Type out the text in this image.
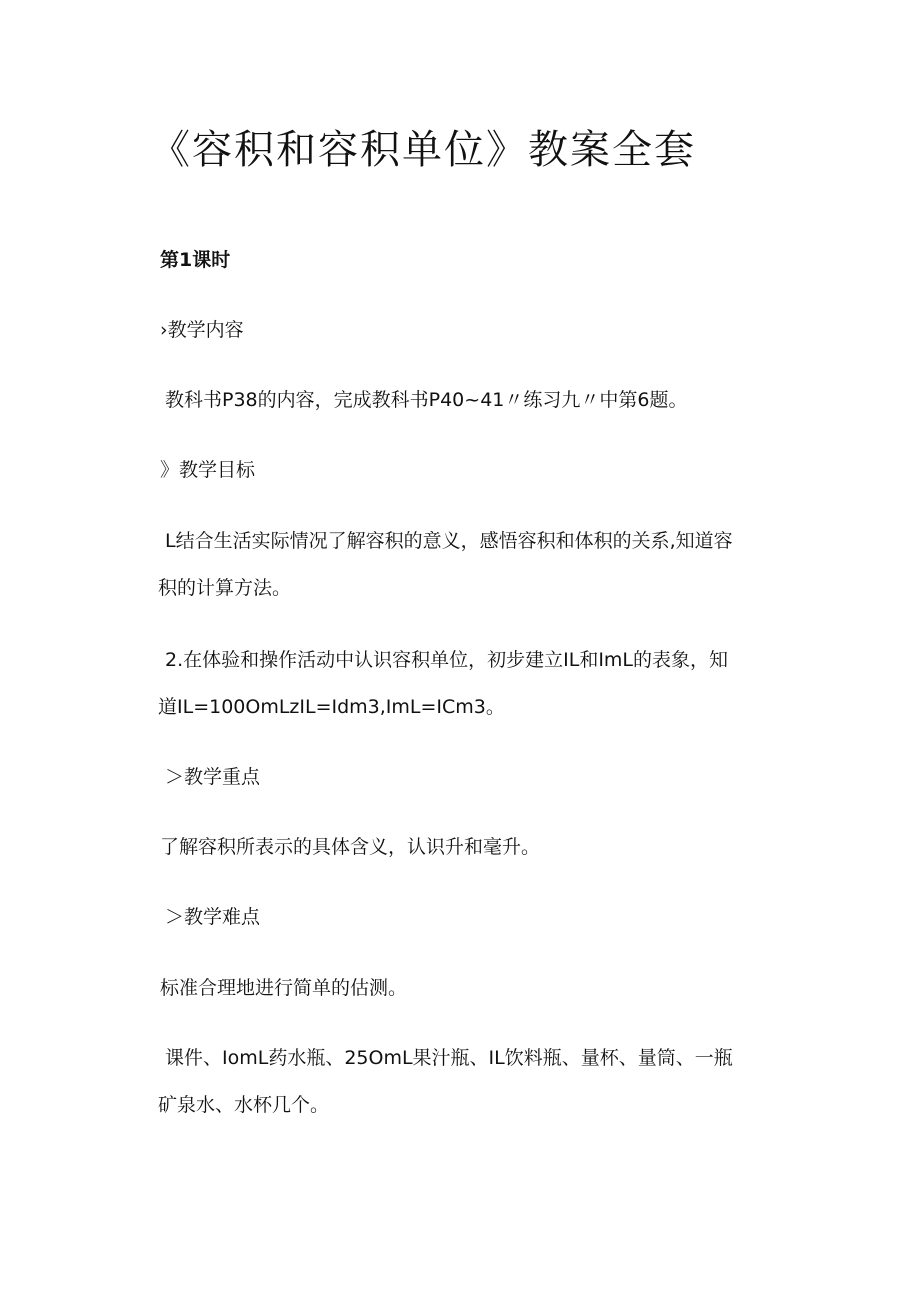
《容积和容积单位》教案全套
第1课时
›教学内容
教科书P38的内容，完成教科书P40~41〃练习九〃中第6题。
》教学目标
L结合生活实际情况了解容积的意义，感悟容积和体积的关系,知道容
积的计算方法。
2.在体验和操作活动中认识容积单位，初步建立IL和ImL的表象，知
道IL=100OmLzIL=Idm3,ImL=ICm3。
＞教学重点
了解容积所表示的具体含义，认识升和毫升。
＞教学难点
标准合理地进行简单的估测。
课件、IomL药水瓶、25OmL果汁瓶、IL饮料瓶、量杯、量筒、一瓶
矿泉水、水杯几个。
